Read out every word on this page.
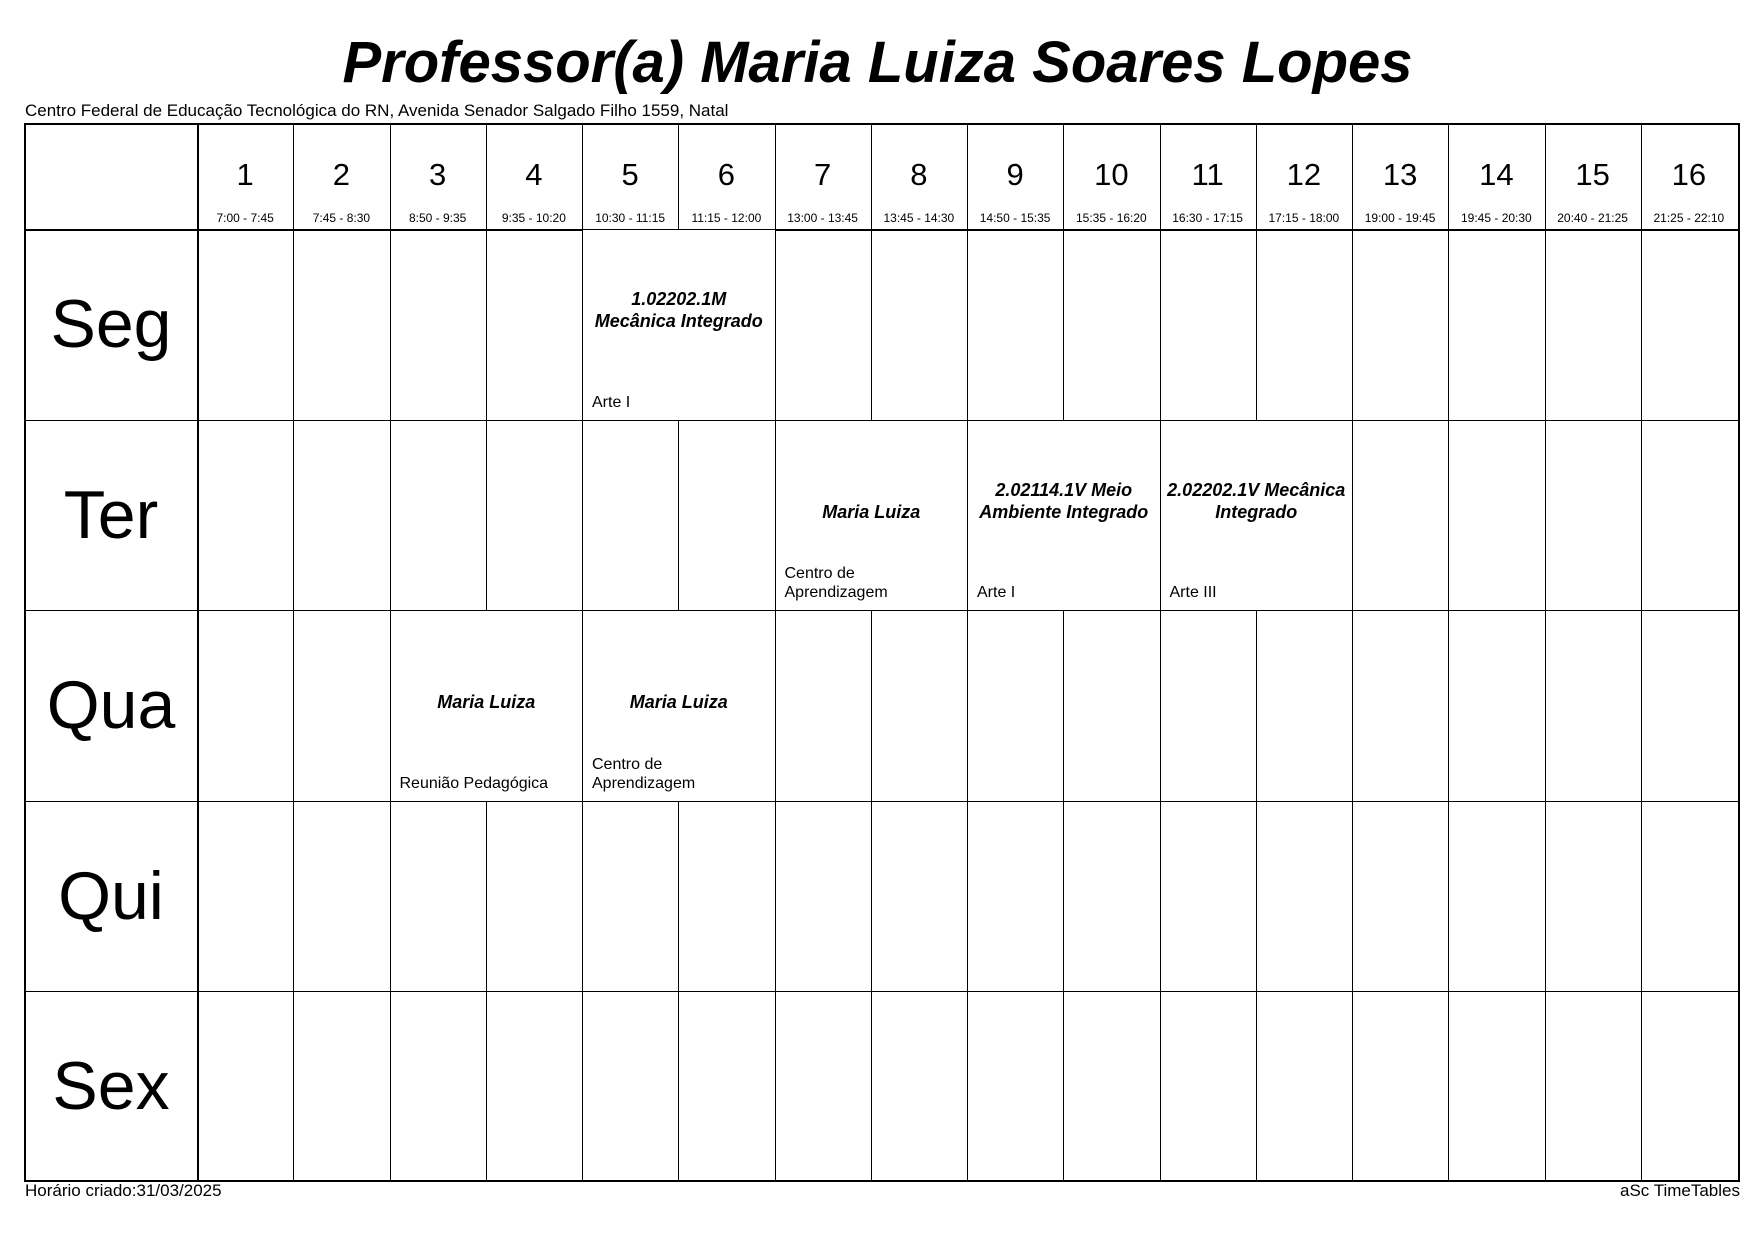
Professor(a) Maria Luiza Soares Lopes
Centro Federal de Educação Tecnológica do RN, Avenida Senador Salgado Filho 1559, Natal
1
7:00 - 7:45
2
7:45 - 8:30
3
8:50 - 9:35
4
9:35 - 10:20
5
10:30 - 11:15
6
11:15 - 12:00
7
13:00 - 13:45
8
13:45 - 14:30
9
14:50 - 15:35
10
15:35 - 16:20
11
16:30 - 17:15
12
17:15 - 18:00
13
19:00 - 19:45
14
19:45 - 20:30
15
20:40 - 21:25
16
21:25 - 22:10
Seg
Ter
Qua
Qui
Sex
1.02202.1M Mecânica Integrado
Arte I
Maria Luiza
Centro de Aprendizagem
2.02114.1V Meio Ambiente Integrado
Arte I
2.02202.1V Mecânica Integrado
Arte III
Maria Luiza
Reunião Pedagógica
Maria Luiza
Centro de Aprendizagem
Horário criado:31/03/2025	aSc TimeTables
